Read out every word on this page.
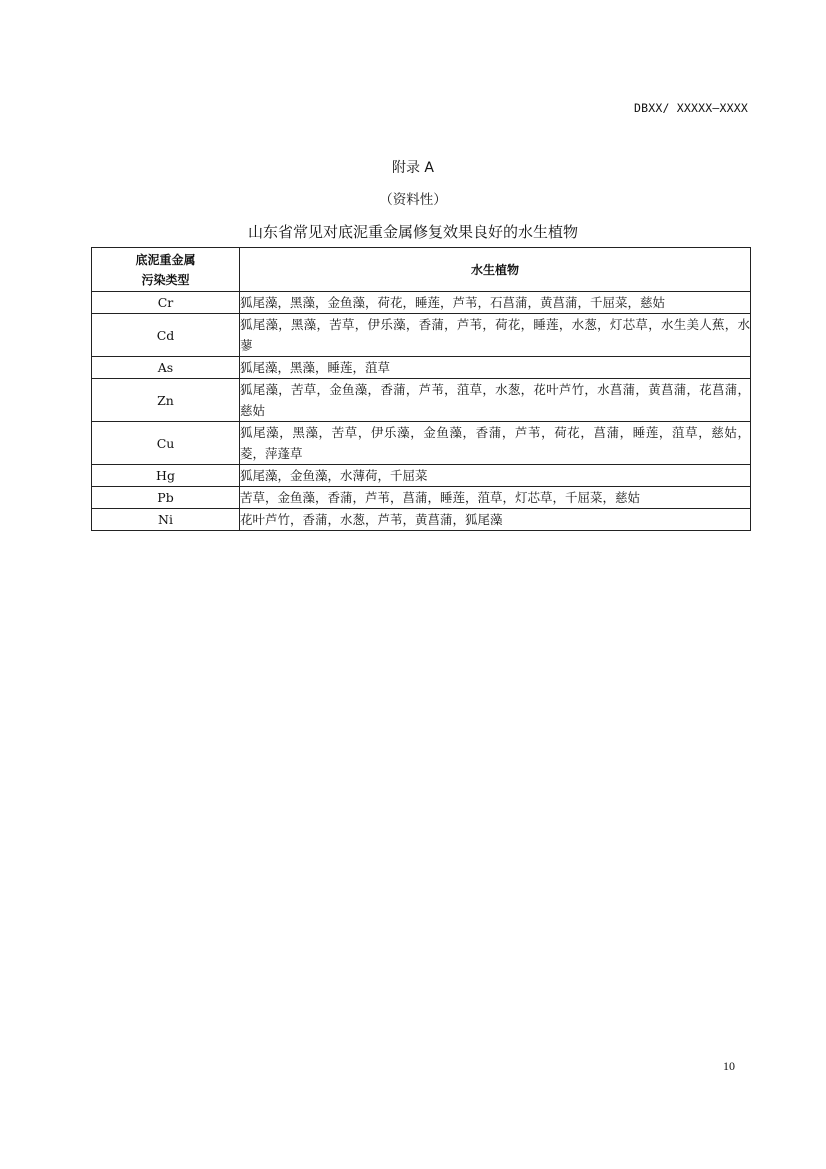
DBXX/ XXXXX—XXXX
附录 A
（资料性）
山东省常见对底泥重金属修复效果良好的水生植物
底泥重金属
污染类型	水生植物
Cr	狐尾藻，黑藻，金鱼藻，荷花，睡莲，芦苇，石菖蒲，黄菖蒲，千屈菜，慈姑
Cd	狐尾藻，黑藻，苦草，伊乐藻，香蒲，芦苇，荷花，睡莲，水葱，灯芯草，水生美人蕉，水蓼
As	狐尾藻，黑藻，睡莲，菹草
Zn	狐尾藻，苦草，金鱼藻，香蒲，芦苇，菹草，水葱，花叶芦竹，水菖蒲，黄菖蒲，花菖蒲，慈姑
Cu	狐尾藻，黑藻，苦草，伊乐藻，金鱼藻，香蒲，芦苇，荷花，菖蒲，睡莲，菹草，慈姑，菱，萍蓬草
Hg	狐尾藻，金鱼藻，水薄荷，千屈菜
Pb	苦草，金鱼藻，香蒲，芦苇，菖蒲，睡莲，菹草，灯芯草，千屈菜，慈姑
Ni	花叶芦竹，香蒲，水葱，芦苇，黄菖蒲，狐尾藻
10
